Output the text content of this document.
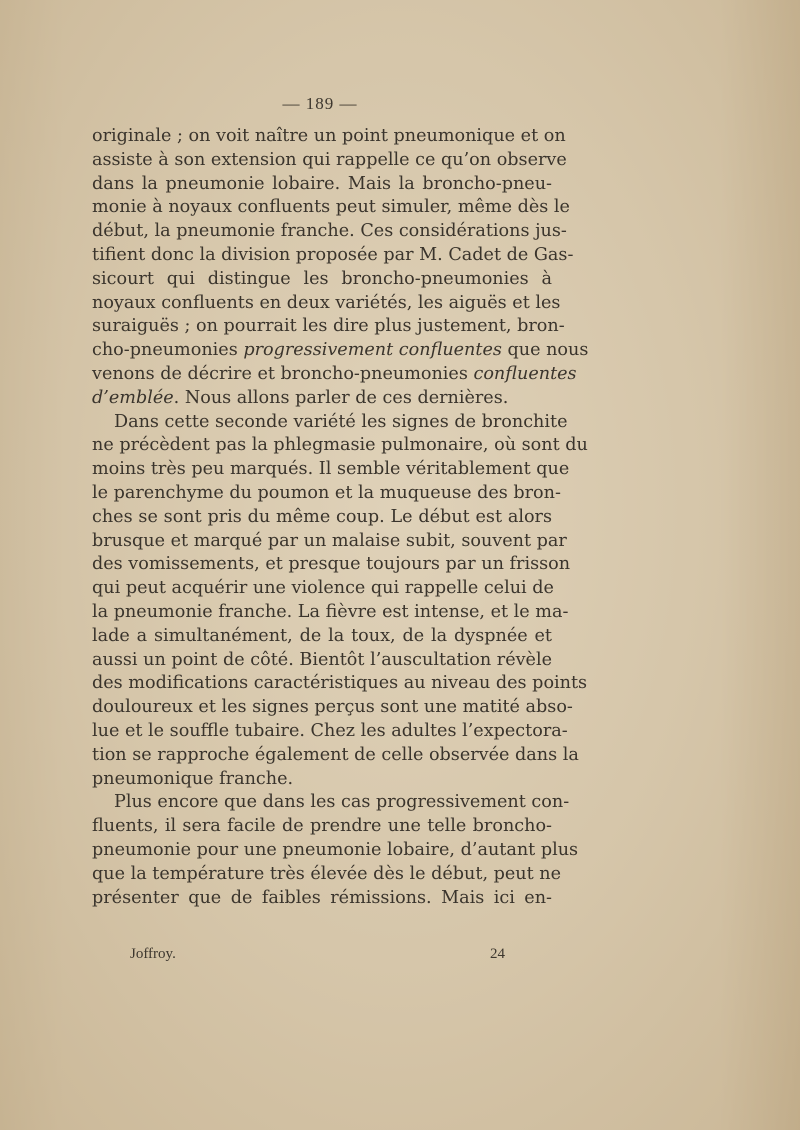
— 189 —
originale ; on voit naître un point pneumonique et on
assiste à son extension qui rappelle ce qu’on observe
dans la pneumonie lobaire. Mais la broncho-pneu-
monie à noyaux confluents peut simuler, même dès le
début, la pneumonie franche. Ces considérations jus-
tifient donc la division proposée par M. Cadet de Gas-
sicourt qui distingue les broncho-pneumonies à
noyaux confluents en deux variétés, les aiguës et les
suraiguës ; on pourrait les dire plus justement, bron-
cho-pneumonies progressivement confluentes que nous
venons de décrire et broncho-pneumonies confluentes
d’emblée. Nous allons parler de ces dernières.
Dans cette seconde variété les signes de bronchite
ne précèdent pas la phlegmasie pulmonaire, où sont du
moins très peu marqués. Il semble véritablement que
le parenchyme du poumon et la muqueuse des bron-
ches se sont pris du même coup. Le début est alors
brusque et marqué par un malaise subit, souvent par
des vomissements, et presque toujours par un frisson
qui peut acquérir une violence qui rappelle celui de
la pneumonie franche. La fièvre est intense, et le ma-
lade a simultanément, de la toux, de la dyspnée et
aussi un point de côté. Bientôt l’auscultation révèle
des modifications caractéristiques au niveau des points
douloureux et les signes perçus sont une matité abso-
lue et le souffle tubaire. Chez les adultes l’expectora-
tion se rapproche également de celle observée dans la
pneumonique franche.
Plus encore que dans les cas progressivement con-
fluents, il sera facile de prendre une telle broncho-
pneumonie pour une pneumonie lobaire, d’autant plus
que la température très élevée dès le début, peut ne
présenter que de faibles rémissions. Mais ici en-
Joffroy.	24
